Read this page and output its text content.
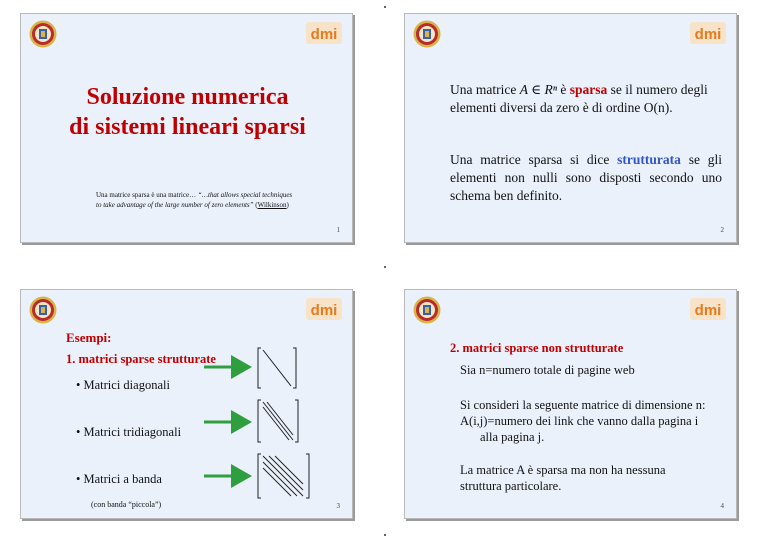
Soluzione numerica
di sistemi lineari sparsi
Una matrice sparsa è una matrice… “…that allows special techniques
to take advantage of the large number of zero elements” (Wilkinson)
1
Una matrice A ∈ Rⁿ è sparsa se il numero degli elementi diversi da zero è di ordine O(n).
Una matrice sparsa si dice strutturata se gli elementi non nulli sono disposti secondo uno schema ben definito.
2
Esempi:
1. matrici sparse strutturate
• Matrici diagonali
• Matrici tridiagonali
• Matrici a banda
(con banda “piccola”)	3
2. matrici sparse non strutturate
Sia n=numero totale di pagine web
Si consideri la seguente matrice di dimensione n:
A(i,j)=numero dei link che vanno dalla pagina i
alla pagina j.
La matrice A è sparsa ma non ha nessuna struttura particolare.
4
